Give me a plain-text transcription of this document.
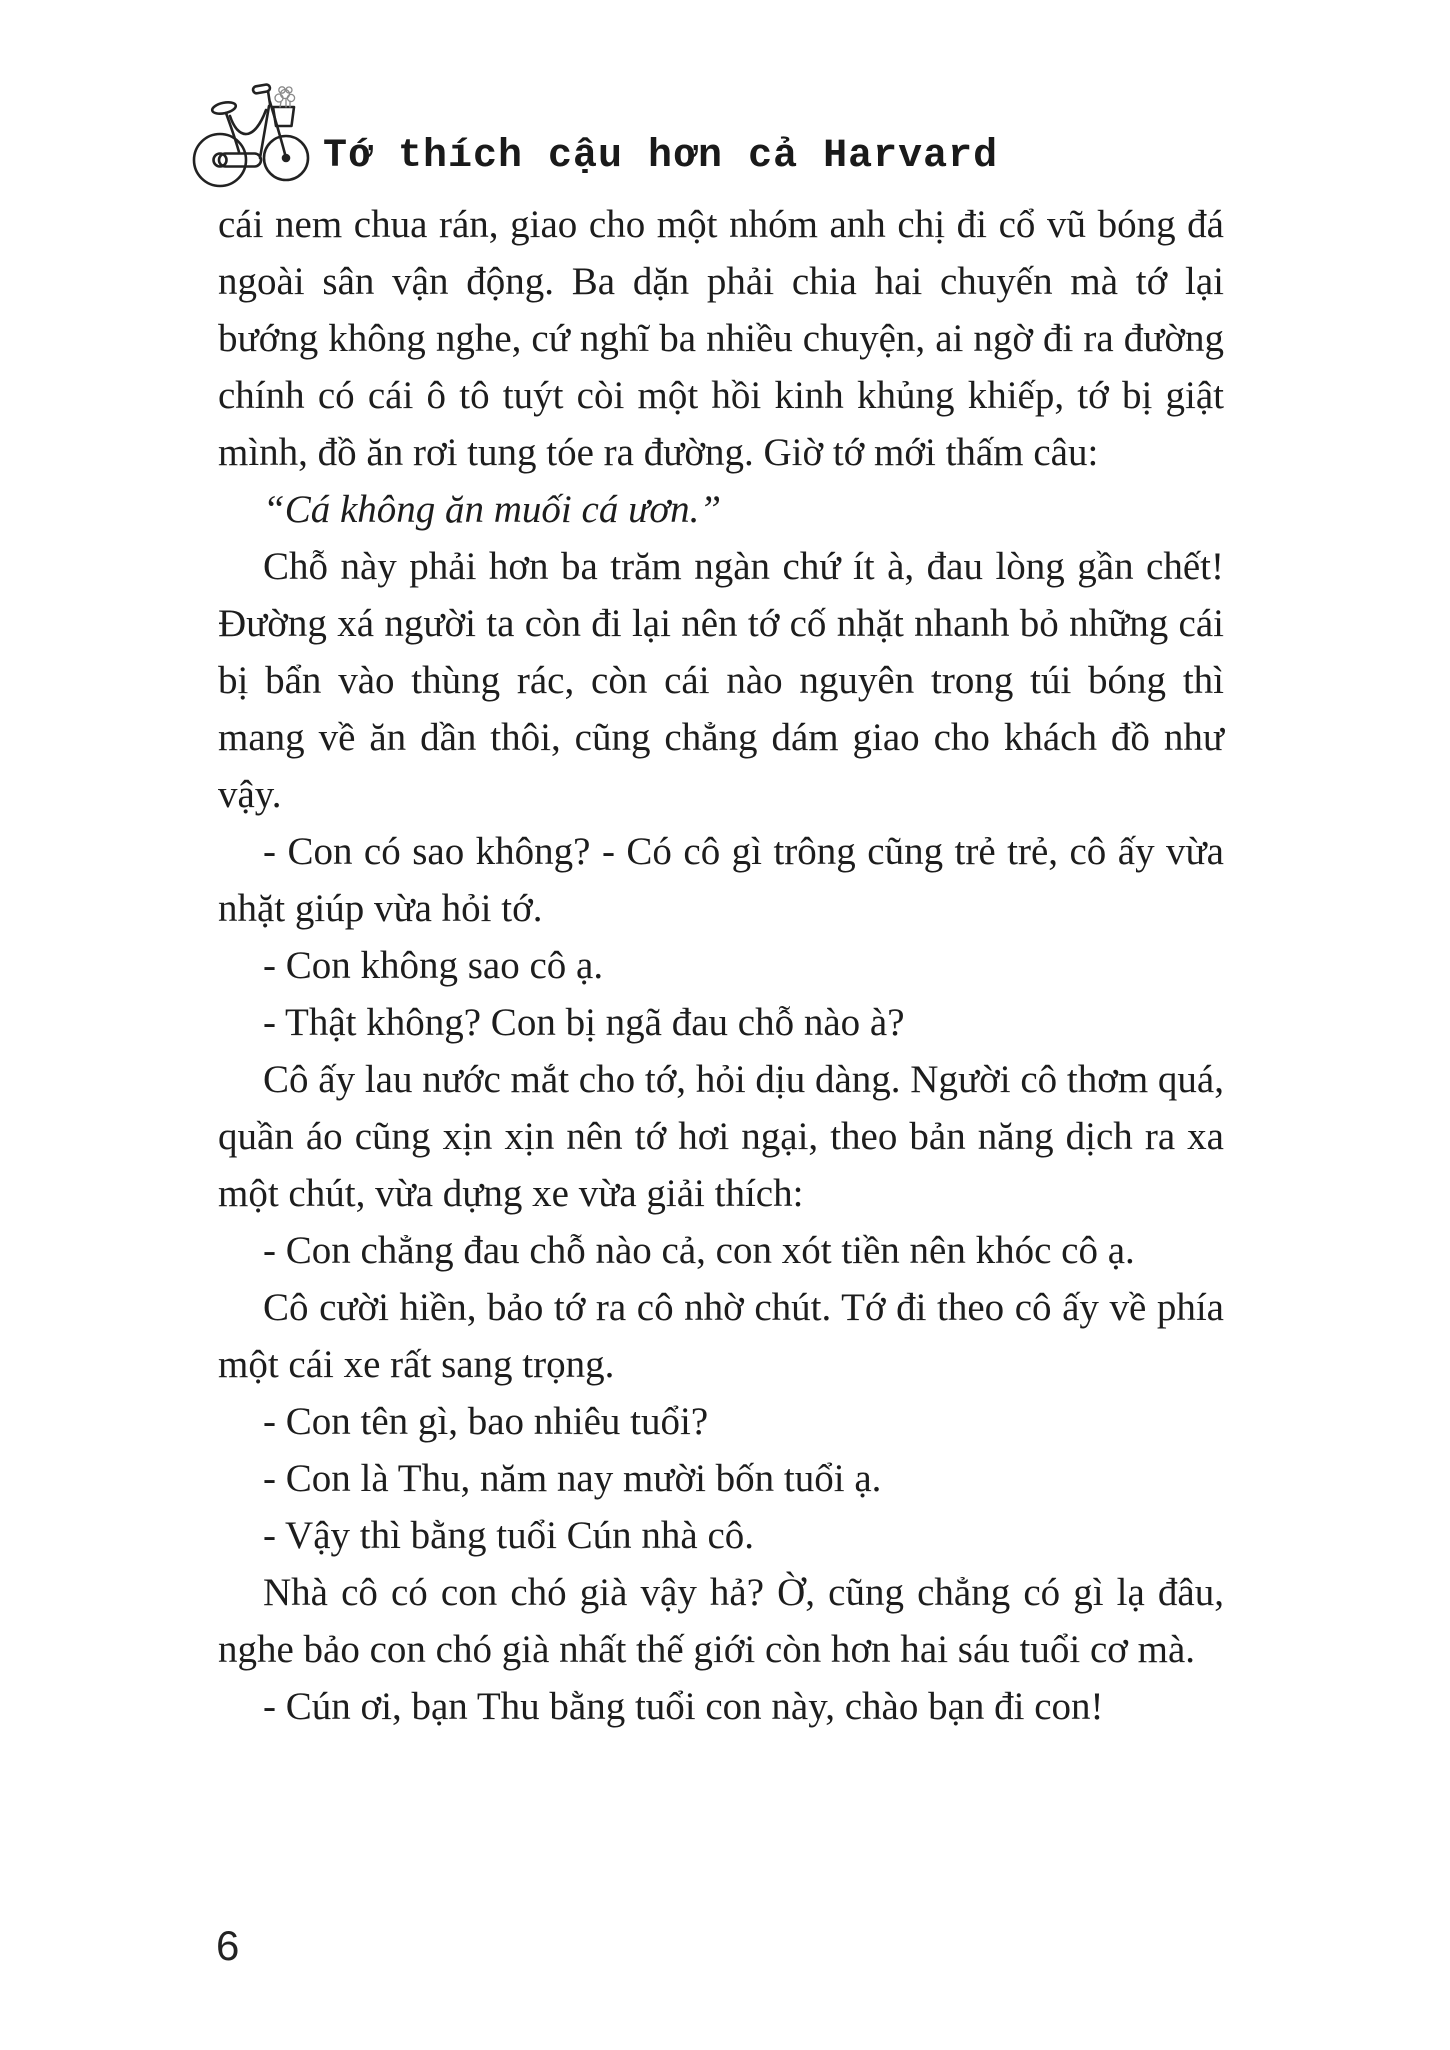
Tớ thích cậu hơn cả Harvard

cái nem chua rán, giao cho một nhóm anh chị đi cổ vũ bóng đá ngoài sân vận động. Ba dặn phải chia hai chuyến mà tớ lại bướng không nghe, cứ nghĩ ba nhiều chuyện, ai ngờ đi ra đường chính có cái ô tô tuýt còi một hồi kinh khủng khiếp, tớ bị giật mình, đồ ăn rơi tung tóe ra đường. Giờ tớ mới thấm câu:

“Cá không ăn muối cá ươn.”

Chỗ này phải hơn ba trăm ngàn chứ ít à, đau lòng gần chết! Đường xá người ta còn đi lại nên tớ cố nhặt nhanh bỏ những cái bị bẩn vào thùng rác, còn cái nào nguyên trong túi bóng thì mang về ăn dần thôi, cũng chẳng dám giao cho khách đồ như vậy.

- Con có sao không? - Có cô gì trông cũng trẻ trẻ, cô ấy vừa nhặt giúp vừa hỏi tớ.

- Con không sao cô ạ.

- Thật không? Con bị ngã đau chỗ nào à?

Cô ấy lau nước mắt cho tớ, hỏi dịu dàng. Người cô thơm quá, quần áo cũng xịn xịn nên tớ hơi ngại, theo bản năng dịch ra xa một chút, vừa dựng xe vừa giải thích:

- Con chẳng đau chỗ nào cả, con xót tiền nên khóc cô ạ.

Cô cười hiền, bảo tớ ra cô nhờ chút. Tớ đi theo cô ấy về phía một cái xe rất sang trọng.

- Con tên gì, bao nhiêu tuổi?

- Con là Thu, năm nay mười bốn tuổi ạ.

- Vậy thì bằng tuổi Cún nhà cô.

Nhà cô có con chó già vậy hả? Ờ, cũng chẳng có gì lạ đâu, nghe bảo con chó già nhất thế giới còn hơn hai sáu tuổi cơ mà.

- Cún ơi, bạn Thu bằng tuổi con này, chào bạn đi con!

6
